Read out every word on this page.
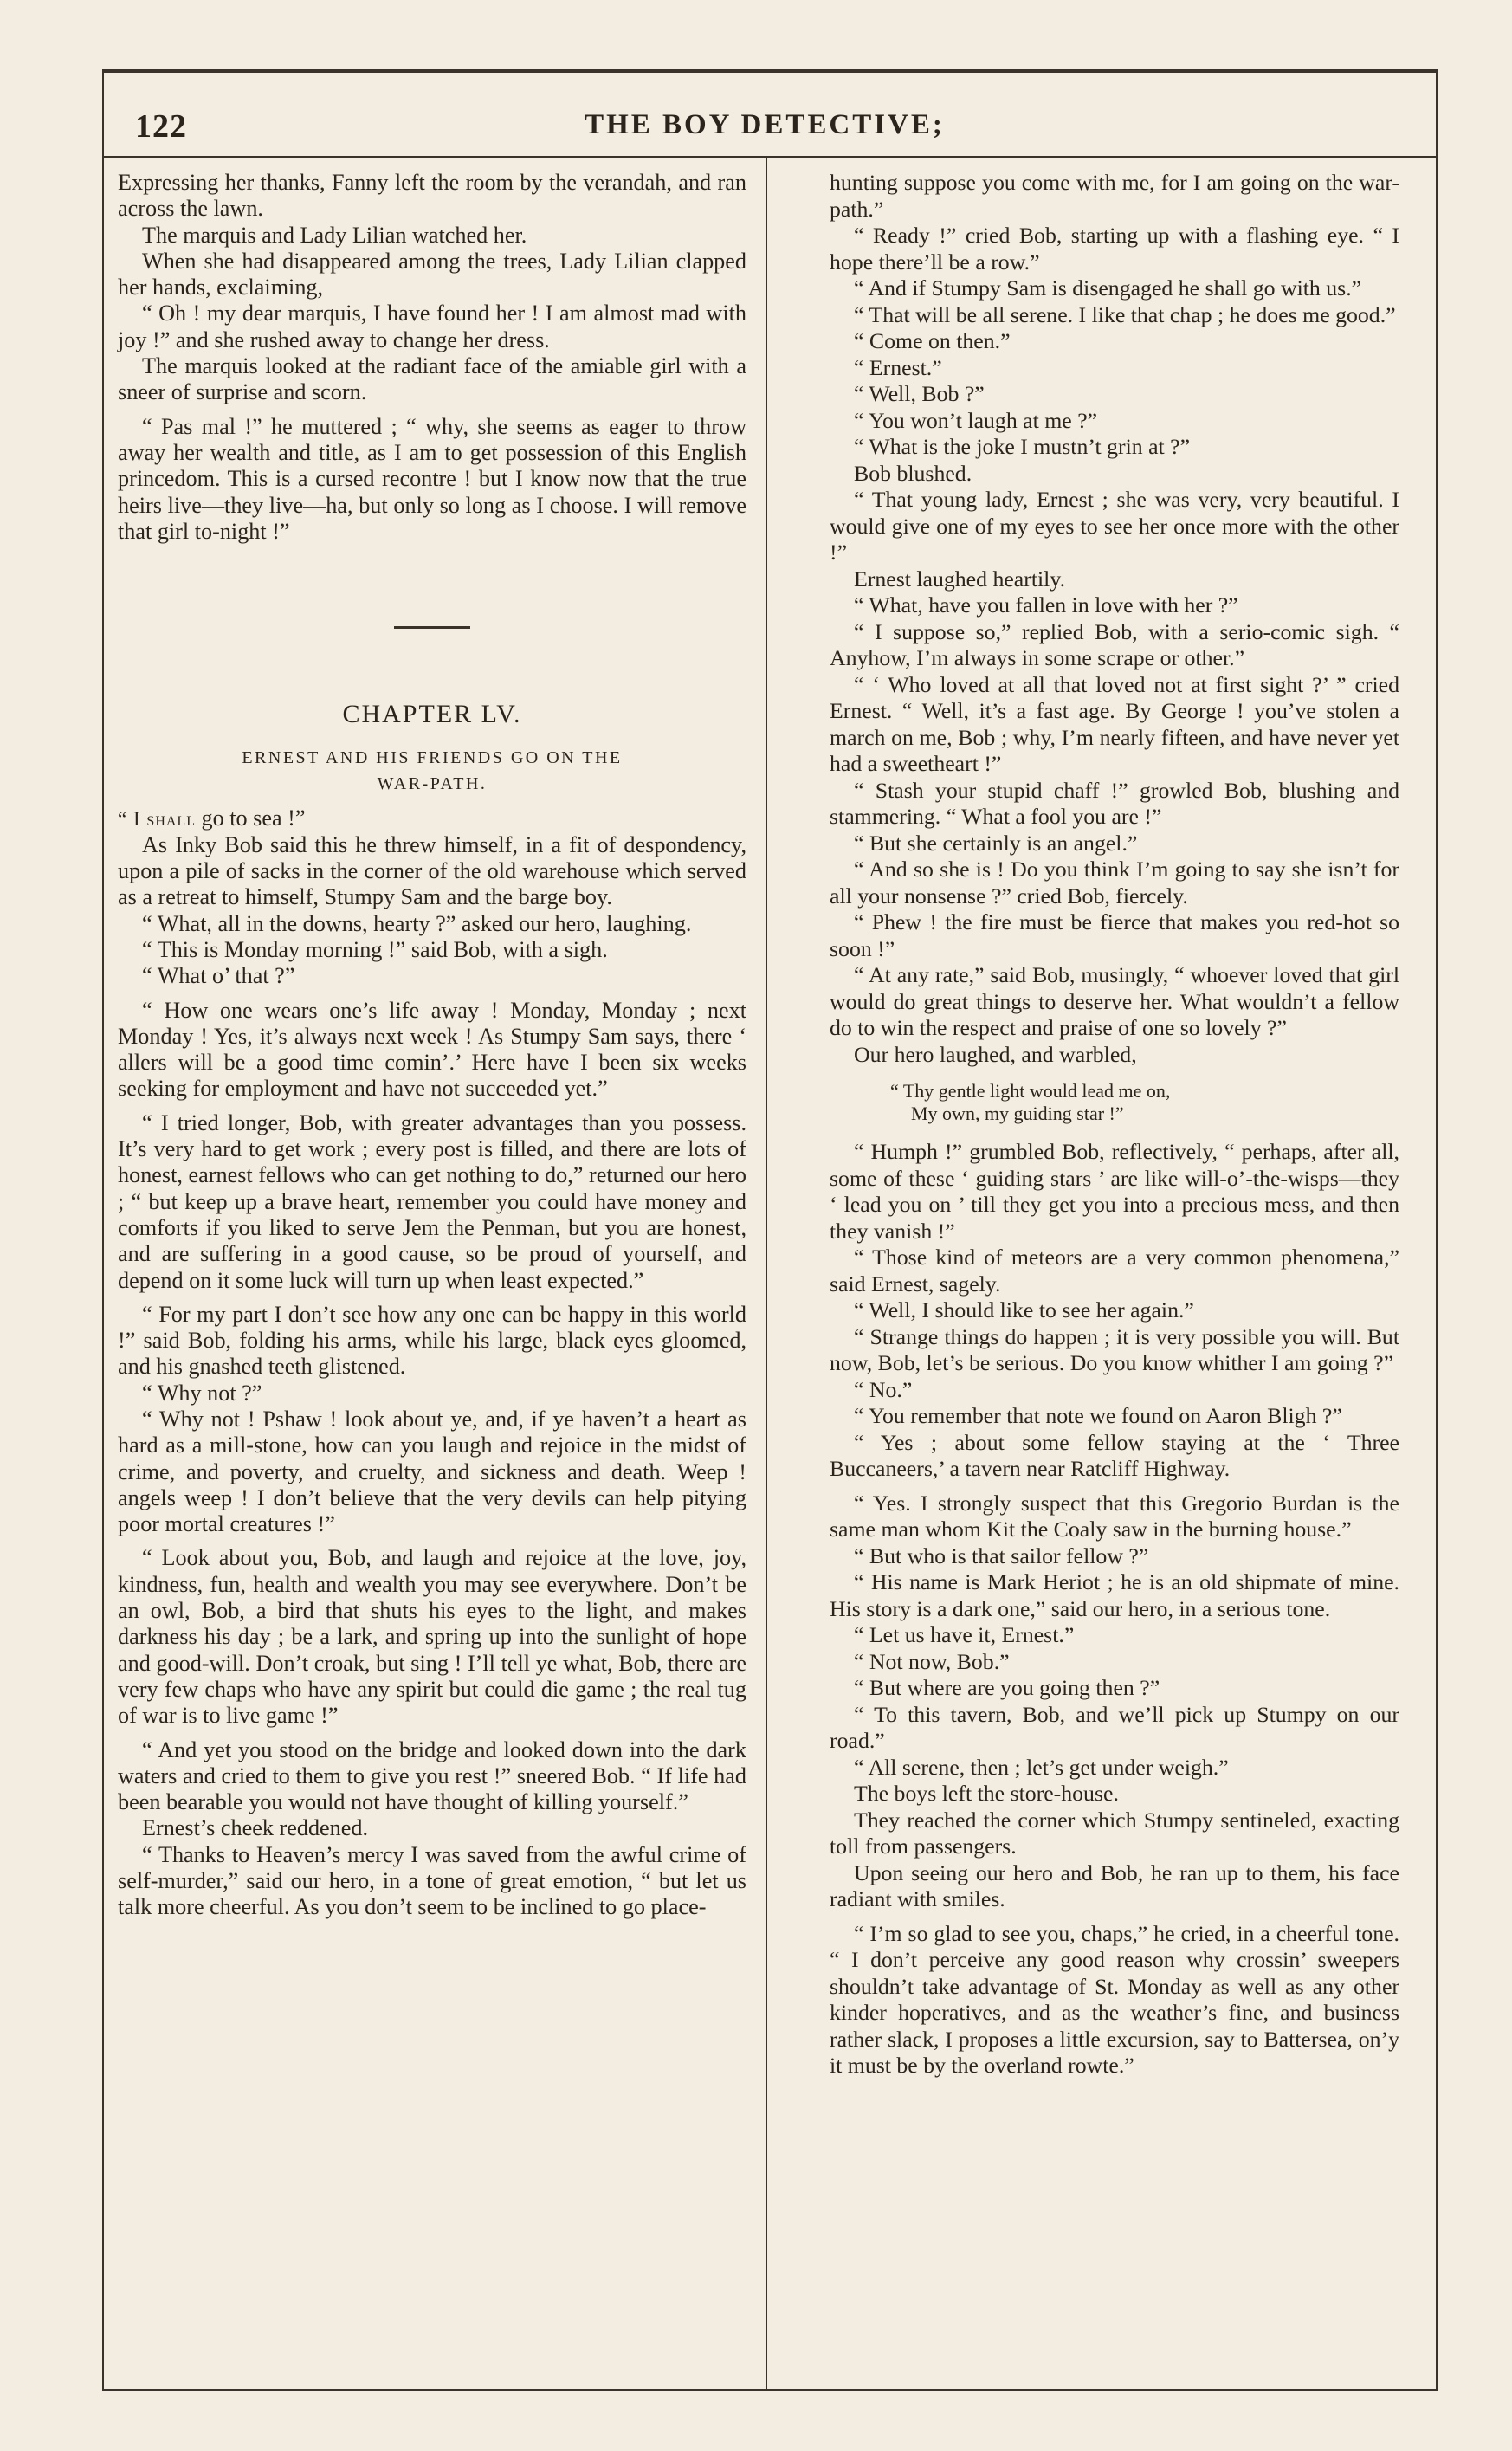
122	THE BOY DETECTIVE;

Expressing her thanks, Fanny left the room by the verandah, and ran across the lawn.

The marquis and Lady Lilian watched her.

When she had disappeared among the trees, Lady Lilian clapped her hands, exclaiming,

“ Oh ! my dear marquis, I have found her ! I am almost mad with joy !” and she rushed away to change her dress.

The marquis looked at the radiant face of the amiable girl with a sneer of surprise and scorn.

“ Pas mal !” he muttered ; “ why, she seems as eager to throw away her wealth and title, as I am to get possession of this English princedom. This is a cursed recontre ! but I know now that the true heirs live—they live—ha, but only so long as I choose. I will remove that girl to-night !”

CHAPTER LV.
ERNEST AND HIS FRIENDS GO ON THE
WAR-PATH.

“ I shall go to sea !”

As Inky Bob said this he threw himself, in a fit of despondency, upon a pile of sacks in the corner of the old warehouse which served as a retreat to himself, Stumpy Sam and the barge boy.

“ What, all in the downs, hearty ?” asked our hero, laughing.

“ This is Monday morning !” said Bob, with a sigh.

“ What o’ that ?”

“ How one wears one’s life away ! Monday, Monday ; next Monday ! Yes, it’s always next week ! As Stumpy Sam says, there ‘ allers will be a good time comin’.’ Here have I been six weeks seeking for employment and have not succeeded yet.”

“ I tried longer, Bob, with greater advantages than you possess. It’s very hard to get work ; every post is filled, and there are lots of honest, earnest fellows who can get nothing to do,” returned our hero ; “ but keep up a brave heart, remember you could have money and comforts if you liked to serve Jem the Penman, but you are honest, and are suffering in a good cause, so be proud of yourself, and depend on it some luck will turn up when least expected.”

“ For my part I don’t see how any one can be happy in this world !” said Bob, folding his arms, while his large, black eyes gloomed, and his gnashed teeth glistened.

“ Why not ?”

“ Why not ! Pshaw ! look about ye, and, if ye haven’t a heart as hard as a mill-stone, how can you laugh and rejoice in the midst of crime, and poverty, and cruelty, and sickness and death. Weep ! angels weep ! I don’t believe that the very devils can help pitying poor mortal creatures !”

“ Look about you, Bob, and laugh and rejoice at the love, joy, kindness, fun, health and wealth you may see everywhere. Don’t be an owl, Bob, a bird that shuts his eyes to the light, and makes darkness his day ; be a lark, and spring up into the sunlight of hope and good-will. Don’t croak, but sing ! I’ll tell ye what, Bob, there are very few chaps who have any spirit but could die game ; the real tug of war is to live game !”

“ And yet you stood on the bridge and looked down into the dark waters and cried to them to give you rest !” sneered Bob. “ If life had been bearable you would not have thought of killing yourself.”

Ernest’s cheek reddened.

“ Thanks to Heaven’s mercy I was saved from the awful crime of self-murder,” said our hero, in a tone of great emotion, “ but let us talk more cheerful. As you don’t seem to be inclined to go place-

hunting suppose you come with me, for I am going on the war-path.”

“ Ready !” cried Bob, starting up with a flashing eye. “ I hope there’ll be a row.”

“ And if Stumpy Sam is disengaged he shall go with us.”

“ That will be all serene. I like that chap ; he does me good.”

“ Come on then.”

“ Ernest.”

“ Well, Bob ?”

“ You won’t laugh at me ?”

“ What is the joke I mustn’t grin at ?”

Bob blushed.

“ That young lady, Ernest ; she was very, very beautiful. I would give one of my eyes to see her once more with the other !”

Ernest laughed heartily.

“ What, have you fallen in love with her ?”

“ I suppose so,” replied Bob, with a serio-comic sigh. “ Anyhow, I’m always in some scrape or other.”

“ ‘ Who loved at all that loved not at first sight ?’ ” cried Ernest. “ Well, it’s a fast age. By George ! you’ve stolen a march on me, Bob ; why, I’m nearly fifteen, and have never yet had a sweetheart !”

“ Stash your stupid chaff !” growled Bob, blushing and stammering. “ What a fool you are !”

“ But she certainly is an angel.”

“ And so she is ! Do you think I’m going to say she isn’t for all your nonsense ?” cried Bob, fiercely.

“ Phew ! the fire must be fierce that makes you red-hot so soon !”

“ At any rate,” said Bob, musingly, “ whoever loved that girl would do great things to deserve her. What wouldn’t a fellow do to win the respect and praise of one so lovely ?”

Our hero laughed, and warbled,

“ Thy gentle light would lead me on,
My own, my guiding star !”

“ Humph !” grumbled Bob, reflectively, “ perhaps, after all, some of these ‘ guiding stars ’ are like will-o’-the-wisps—they ‘ lead you on ’ till they get you into a precious mess, and then they vanish !”

“ Those kind of meteors are a very common phenomena,” said Ernest, sagely.

“ Well, I should like to see her again.”

“ Strange things do happen ; it is very possible you will. But now, Bob, let’s be serious. Do you know whither I am going ?”

“ No.”

“ You remember that note we found on Aaron Bligh ?”

“ Yes ; about some fellow staying at the ‘ Three Buccaneers,’ a tavern near Ratcliff Highway.

“ Yes. I strongly suspect that this Gregorio Burdan is the same man whom Kit the Coaly saw in the burning house.”

“ But who is that sailor fellow ?”

“ His name is Mark Heriot ; he is an old shipmate of mine. His story is a dark one,” said our hero, in a serious tone.

“ Let us have it, Ernest.”

“ Not now, Bob.”

“ But where are you going then ?”

“ To this tavern, Bob, and we’ll pick up Stumpy on our road.”

“ All serene, then ; let’s get under weigh.”

The boys left the store-house.

They reached the corner which Stumpy sentineled, exacting toll from passengers.

Upon seeing our hero and Bob, he ran up to them, his face radiant with smiles.

“ I’m so glad to see you, chaps,” he cried, in a cheerful tone. “ I don’t perceive any good reason why crossin’ sweepers shouldn’t take advantage of St. Monday as well as any other kinder hoperatives, and as the weather’s fine, and business rather slack, I proposes a little excursion, say to Battersea, on’y it must be by the overland rowte.”
